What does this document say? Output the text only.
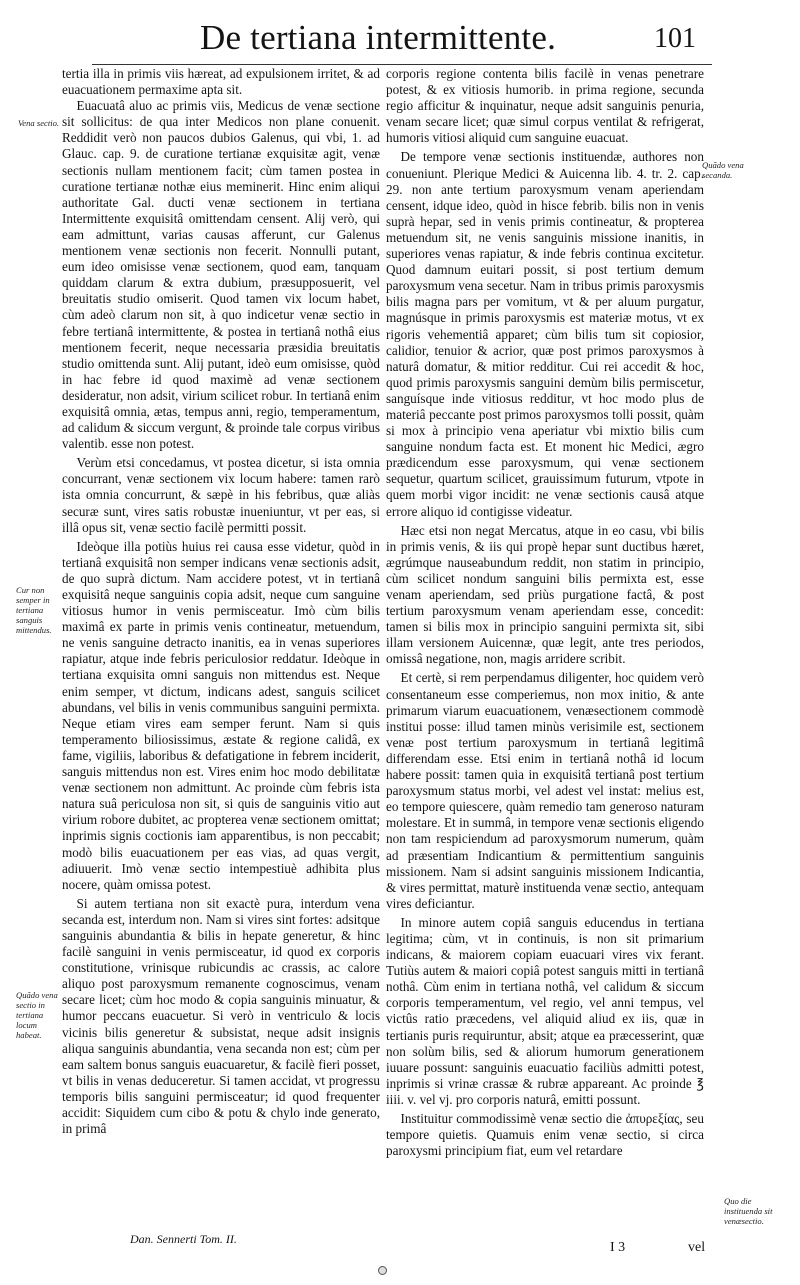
De tertiana intermittente.	101
Vena sectio.
Cur non semper in tertiana sanguis mittendus.
Quãdo vena sectio in tertiana locum habeat.
Quãdo vena secanda.
Quo die instituenda sit venæsectio.

tertia illa in primis viis hæreat, ad expulsionem irritet, & ad euacuationem permaxime apta sit.

Euacuatâ aluo ac primis viis, Medicus de venæ sectione sit sollicitus: de qua inter Medicos non plane conuenit. Reddidit verò non paucos dubios Galenus, qui vbi, 1. ad Glauc. cap. 9. de curatione tertianæ exquisitæ agit, venæ sectionis nullam mentionem facit; cùm tamen postea in curatione tertianæ nothæ eius meminerit. Hinc enim aliqui authoritate Gal. ducti venæ sectionem in tertiana Intermittente exquisitâ omittendam censent. Alij verò, qui eam admittunt, varias causas afferunt, cur Galenus mentionem venæ sectionis non fecerit. Nonnulli putant, eum ideo omisisse venæ sectionem, quod eam, tanquam quiddam clarum & extra dubium, præsupposuerit, vel breuitatis studio omiserit. Quod tamen vix locum habet, cùm adeò clarum non sit, à quo indicetur venæ sectio in febre tertianâ intermittente, & postea in tertianâ nothâ eius mentionem fecerit, neque necessaria præsidia breuitatis studio omittenda sunt. Alij putant, ideò eum omisisse, quòd in hac febre id quod maximè ad venæ sectionem desideratur, non adsit, virium scilicet robur. In tertianâ enim exquisitâ omnia, ætas, tempus anni, regio, temperamentum, ad calidum & siccum vergunt, & proinde tale corpus viribus valentib. esse non potest.

Verùm etsi concedamus, vt postea dicetur, si ista omnia concurrant, venæ sectionem vix locum habere: tamen rarò ista omnia concurrunt, & sæpè in his febribus, quæ aliàs securæ sunt, vires satis robustæ inueniuntur, vt per eas, si illâ opus sit, venæ sectio facilè permitti possit.

Ideòque illa potiùs huius rei causa esse videtur, quòd in tertianâ exquisitâ non semper indicans venæ sectionis adsit, de quo suprà dictum. Nam accidere potest, vt in tertianâ exquisitâ neque sanguinis copia adsit, neque cum sanguine vitiosus humor in venis permisceatur. Imò cùm bilis maximâ ex parte in primis venis contineatur, metuendum, ne venis sanguine detracto inanitis, ea in venas superiores rapiatur, atque inde febris periculosior reddatur. Ideòque in tertiana exquisita omni sanguis non mittendus est. Neque enim semper, vt dictum, indicans adest, sanguis scilicet abundans, vel bilis in venis communibus sanguini permixta. Neque etiam vires eam semper ferunt. Nam si quis temperamento biliosissimus, æstate & regione calidâ, ex fame, vigiliis, laboribus & defatigatione in febrem inciderit, sanguis mittendus non est. Vires enim hoc modo debilitatæ venæ sectionem non admittunt. Ac proinde cùm febris ista natura suâ periculosa non sit, si quis de sanguinis vitio aut virium robore dubitet, ac propterea venæ sectionem omittat; inprimis signis coctionis iam apparentibus, is non peccabit; modò bilis euacuationem per eas vias, ad quas vergit, adiuuerit. Imò venæ sectio intempestiuè adhibita plus nocere, quàm omissa potest.

Si autem tertiana non sit exactè pura, interdum vena secanda est, interdum non. Nam si vires sint fortes: adsitque sanguinis abundantia & bilis in hepate generetur, & hinc facilè sanguini in venis permisceatur, id quod ex corporis constitutione, vrinisque rubicundis ac crassis, ac calore aliquo post paroxysmum remanente cognoscimus, venam secare licet; cùm hoc modo & copia sanguinis minuatur, & humor peccans euacuetur. Si verò in ventriculo & locis vicinis bilis generetur & subsistat, neque adsit insignis aliqua sanguinis abundantia, vena secanda non est; cùm per eam saltem bonus sanguis euacuaretur, & facilè fieri posset, vt bilis in venas deduceretur. Si tamen accidat, vt progressu temporis bilis sanguini permisceatur; id quod frequenter accidit: Siquidem cum cibo & potu & chylo inde generato, in primâ

corporis regione contenta bilis facilè in venas penetrare potest, & ex vitiosis humorib. in prima regione, secunda regio afficitur & inquinatur, neque adsit sanguinis penuria, venam secare licet; quæ simul corpus ventilat & refrigerat, humoris vitiosi aliquid cum sanguine euacuat.

De tempore venæ sectionis instituendæ, authores non conueniunt. Plerique Medici & Auicenna lib. 4. tr. 2. cap. 29. non ante tertium paroxysmum venam aperiendam censent, idque ideo, quòd in hisce febrib. bilis non in venis suprà hepar, sed in venis primis contineatur, & propterea metuendum sit, ne venis sanguinis missione inanitis, in superiores venas rapiatur, & inde febris continua excitetur. Quod damnum euitari possit, si post tertium demum paroxysmum vena secetur. Nam in tribus primis paroxysmis bilis magna pars per vomitum, vt & per aluum purgatur, magnúsque in primis paroxysmis est materiæ motus, vt ex rigoris vehementiâ apparet; cùm bilis tum sit copiosior, calidior, tenuior & acrior, quæ post primos paroxysmos à naturâ domatur, & mitior redditur. Cui rei accedit & hoc, quod primis paroxysmis sanguini demùm bilis permiscetur, sanguísque inde vitiosus redditur, vt hoc modo plus de materiâ peccante post primos paroxysmos tolli possit, quàm si mox à principio vena aperiatur vbi mixtio bilis cum sanguine nondum facta est. Et monent hic Medici, ægro prædicendum esse paroxysmum, qui venæ sectionem sequetur, quartum scilicet, grauissimum futurum, vtpote in quem morbi vigor incidit: ne venæ sectionis causâ atque errore aliquo id contigisse videatur.

Hæc etsi non negat Mercatus, atque in eo casu, vbi bilis in primis venis, & iis qui propè hepar sunt ductibus hæret, ægrúmque nauseabundum reddit, non statim in principio, cùm scilicet nondum sanguini bilis permixta est, esse venam aperiendam, sed priùs purgatione factâ, & post tertium paroxysmum venam aperiendam esse, concedit: tamen si bilis mox in principio sanguini permixta sit, sibi illam versionem Auicennæ, quæ legit, ante tres periodos, omissâ negatione, non, magis arridere scribit.

Et certè, si rem perpendamus diligenter, hoc quidem verò consentaneum esse comperiemus, non mox initio, & ante primarum viarum euacuationem, venæsectionem commodè institui posse: illud tamen minùs verisimile est, sectionem venæ post tertium paroxysmum in tertianâ legitimâ differendam esse. Etsi enim in tertianâ nothâ id locum habere possit: tamen quia in exquisitâ tertianâ post tertium paroxysmum status morbi, vel adest vel instat: melius est, eo tempore quiescere, quàm remedio tam generoso naturam molestare. Et in summâ, in tempore venæ sectionis eligendo non tam respiciendum ad paroxysmorum numerum, quàm ad præsentiam Indicantium & permittentium sanguinis missionem. Nam si adsint sanguinis missionem Indicantia, & vires permittat, maturè instituenda venæ sectio, antequam vires deficiantur.

In minore autem copiâ sanguis educendus in tertiana legitima; cùm, vt in continuis, is non sit primarium indicans, & maiorem copiam euacuari vires vix ferant. Tutiùs autem & maiori copiâ potest sanguis mitti in tertianâ nothâ. Cùm enim in tertiana nothâ, vel calidum & siccum corporis temperamentum, vel regio, vel anni tempus, vel victûs ratio præcedens, vel aliquid aliud ex iis, quæ in tertianis puris requiruntur, absit; atque ea præcesserint, quæ non solùm bilis, sed & aliorum humorum generationem iuuare possunt: sanguinis euacuatio faciliùs admitti potest, inprimis si vrinæ crassæ & rubræ appareant. Ac proinde ℥ iiii. v. vel vj. pro corporis naturâ, emitti possunt.

Instituitur commodissimè venæ sectio die ἀπυρεξίας, seu tempore quietis. Quamuis enim venæ sectio, si circa paroxysmi principium fiat, eum vel retardare

Dan. Sennerti Tom. II.
I 3	vel
